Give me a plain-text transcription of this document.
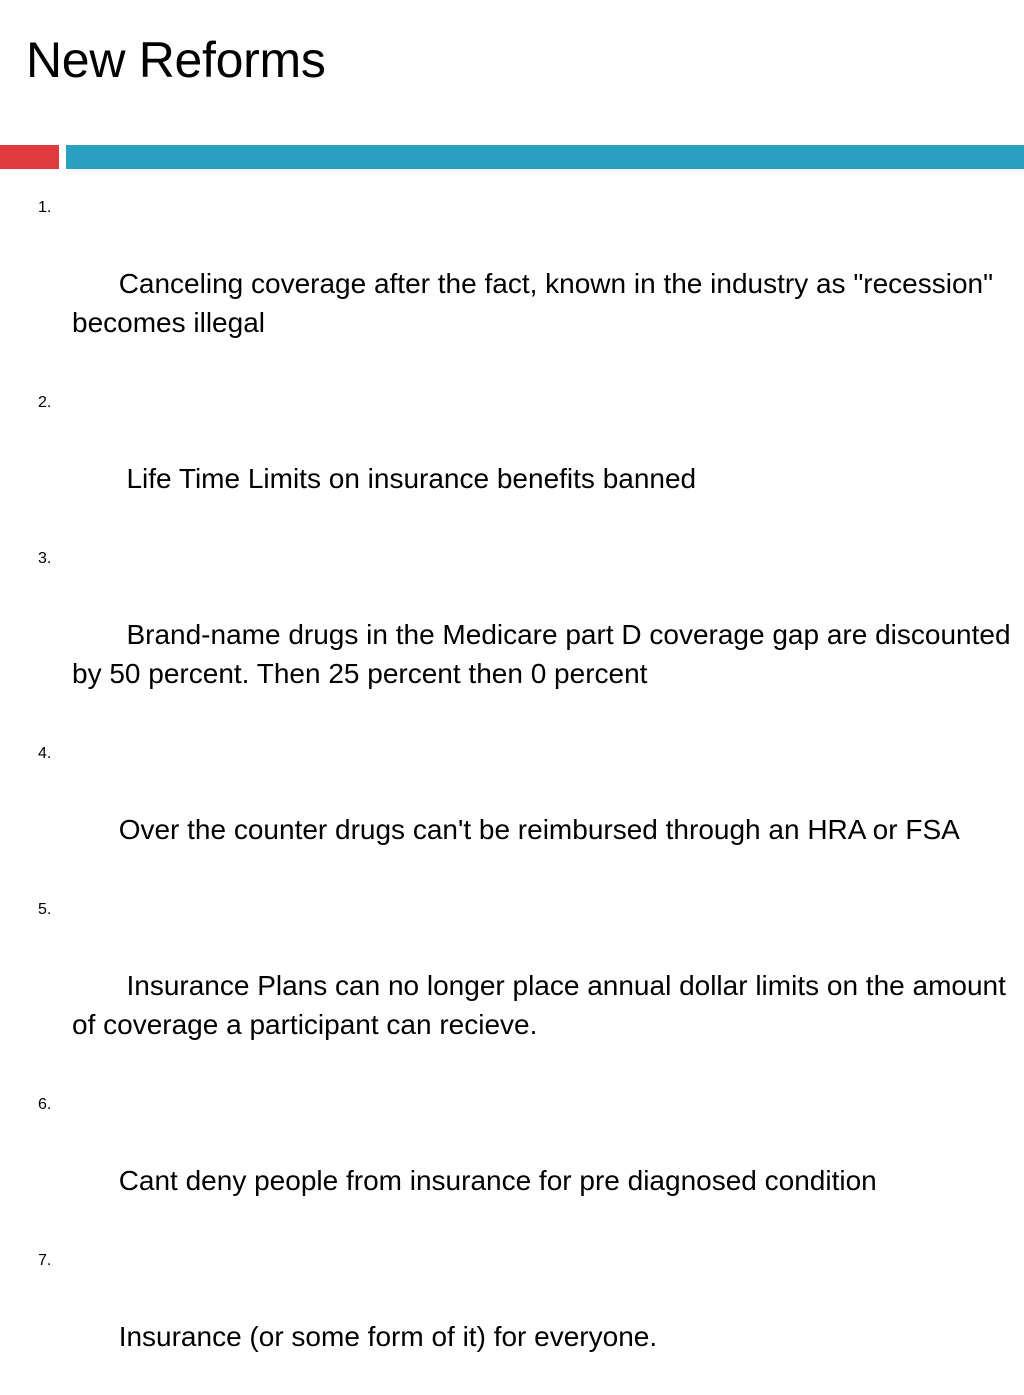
New Reforms

1.

Canceling coverage after the fact, known in the industry as "recession" becomes illegal

2.

Life Time Limits on insurance benefits banned

3.

Brand-name drugs in the Medicare part D coverage gap are discounted by 50 percent. Then 25 percent then 0 percent

4.

Over the counter drugs can't be reimbursed through an HRA or FSA

5.

Insurance Plans can no longer place annual dollar limits on the amount of coverage a participant can recieve.

6.

Cant deny people from insurance for pre diagnosed condition

7.

Insurance (or some form of it) for everyone.
